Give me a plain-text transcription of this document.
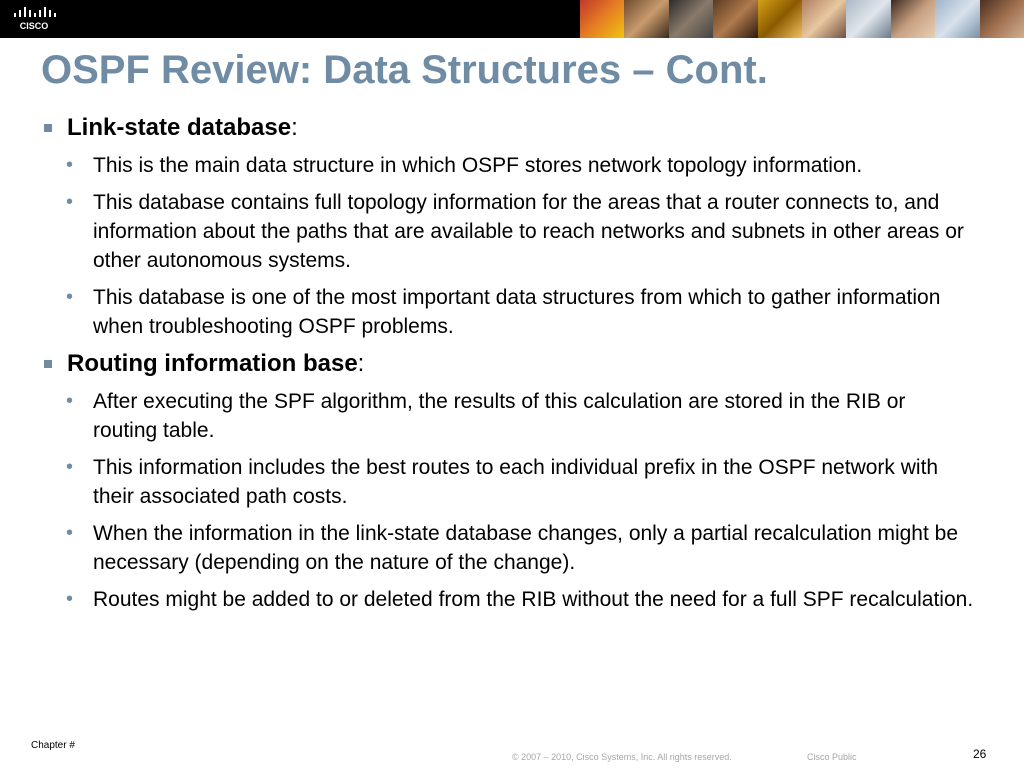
CISCO
OSPF Review: Data Structures – Cont.
Link-state database:
• This is the main data structure in which OSPF stores network topology information.
• This database contains full topology information for the areas that a router connects to, and information about the paths that are available to reach networks and subnets in other areas or other autonomous systems.
• This database is one of the most important data structures from which to gather information when troubleshooting OSPF problems.
Routing information base:
• After executing the SPF algorithm, the results of this calculation are stored in the RIB or routing table.
• This information includes the best routes to each individual prefix in the OSPF network with their associated path costs.
• When the information in the link-state database changes, only a partial recalculation might be necessary (depending on the nature of the change).
• Routes might be added to or deleted from the RIB without the need for a full SPF recalculation.
Chapter #
© 2007 – 2010, Cisco Systems, Inc. All rights reserved.	Cisco Public	26
